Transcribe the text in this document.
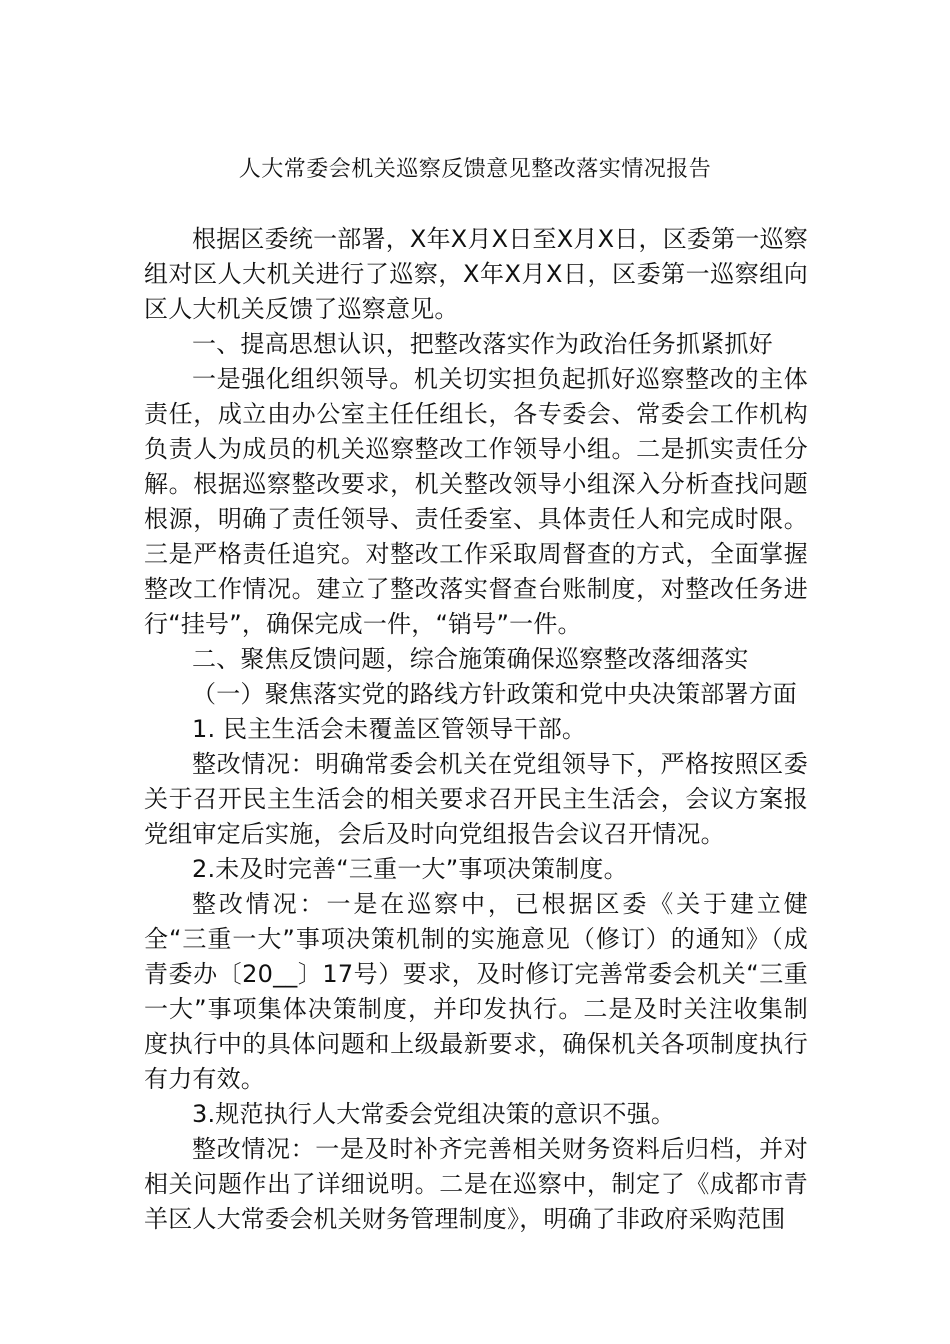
人大常委会机关巡察反馈意见整改落实情况报告

根据区委统一部署，X年X月X日至X月X日，区委第一巡察组对区人大机关进行了巡察，X年X月X日，区委第一巡察组向区人大机关反馈了巡察意见。

一、提高思想认识，把整改落实作为政治任务抓紧抓好

一是强化组织领导。机关切实担负起抓好巡察整改的主体责任，成立由办公室主任任组长，各专委会、常委会工作机构负责人为成员的机关巡察整改工作领导小组。二是抓实责任分解。根据巡察整改要求，机关整改领导小组深入分析查找问题根源，明确了责任领导、责任委室、具体责任人和完成时限。三是严格责任追究。对整改工作采取周督查的方式，全面掌握整改工作情况。建立了整改落实督查台账制度，对整改任务进行“挂号”，确保完成一件，“销号”一件。

二、聚焦反馈问题，综合施策确保巡察整改落细落实

（一）聚焦落实党的路线方针政策和党中央决策部署方面

1. 民主生活会未覆盖区管领导干部。

整改情况：明确常委会机关在党组领导下，严格按照区委关于召开民主生活会的相关要求召开民主生活会，会议方案报党组审定后实施，会后及时向党组报告会议召开情况。

2.未及时完善“三重一大”事项决策制度。

整改情况：一是在巡察中，已根据区委《关于建立健全“三重一大”事项决策机制的实施意见（修订）的通知》（成青委办〔20__〕17号）要求，及时修订完善常委会机关“三重一大”事项集体决策制度，并印发执行。二是及时关注收集制度执行中的具体问题和上级最新要求，确保机关各项制度执行有力有效。

3.规范执行人大常委会党组决策的意识不强。

整改情况：一是及时补齐完善相关财务资料后归档，并对相关问题作出了详细说明。二是在巡察中，制定了《成都市青羊区人大常委会机关财务管理制度》，明确了非政府采购范围
